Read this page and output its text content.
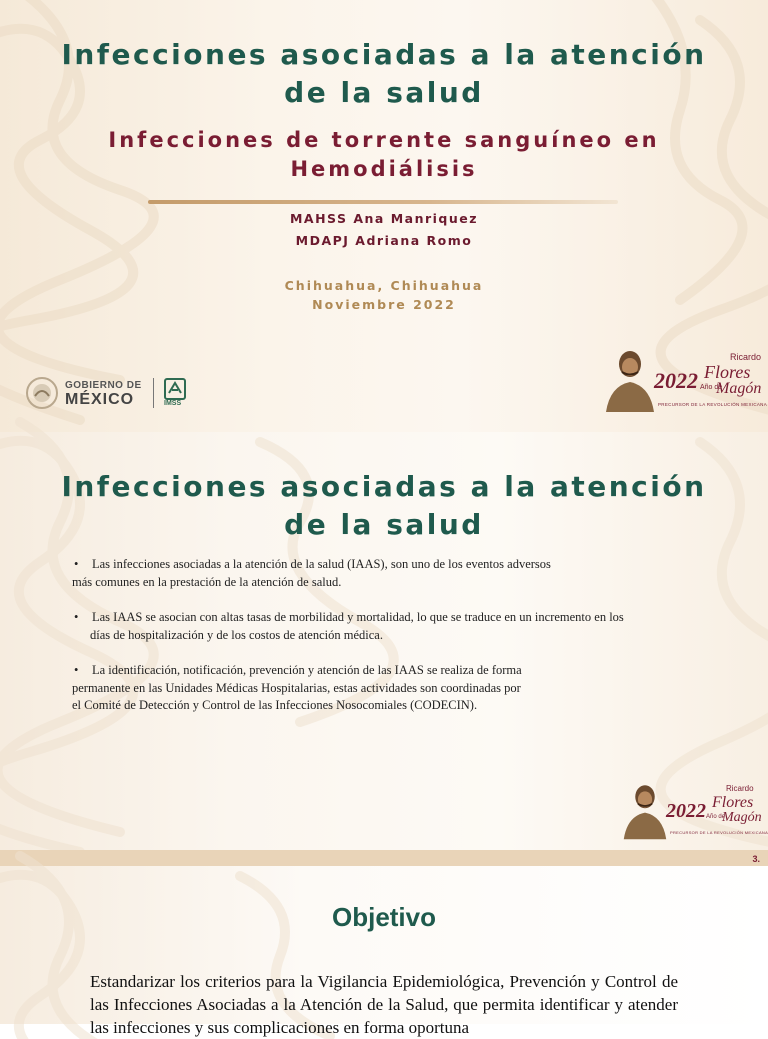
Infecciones asociadas a la atención de la salud
Infecciones de torrente sanguíneo en Hemodiálisis
MAHSS Ana Manriquez
MDAPJ Adriana Romo
Chihuahua, Chihuahua
Noviembre 2022
GOBIERNO DE
MÉXICO	IMSS
Ricardo
2022 Flores
Año de
Magón
PRECURSOR DE LA REVOLUCIÓN MEXICANA
Infecciones asociadas a la atención de la salud

• Las infecciones asociadas a la atención de la salud (IAAS), son uno de los eventos adversos
más comunes en la prestación de la atención de salud.

• Las IAAS se asocian con altas tasas de morbilidad y mortalidad, lo que se traduce en un incremento en los
días de hospitalización y de los costos de atención médica.

• La identificación, notificación, prevención y atención de las IAAS se realiza de forma
permanente en las Unidades Médicas Hospitalarias, estas actividades son coordinadas por
el Comité de Detección y Control de las Infecciones Nosocomiales (CODECIN).

Ricardo
2022 Flores
Año de
Magón
PRECURSOR DE LA REVOLUCIÓN MEXICANA
3.
Objetivo
Estandarizar los criterios para la Vigilancia Epidemiológica, Prevención y Control de las Infecciones Asociadas a la Atención de la Salud, que permita identificar y atender las infecciones y sus complicaciones en forma oportuna
